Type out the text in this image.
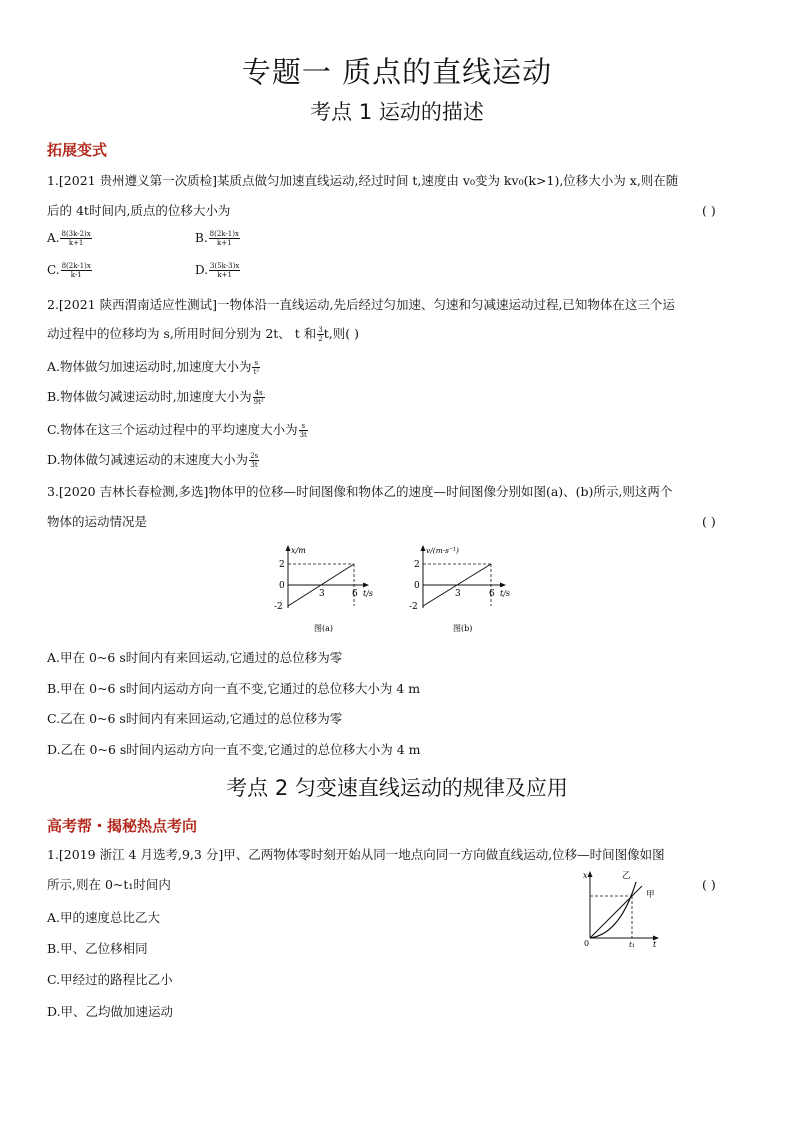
专题一 质点的直线运动
考点 1 运动的描述
拓展变式
1.[2021 贵州遵义第一次质检]某质点做匀加速直线运动,经过时间 t,速度由 v₀变为 kv₀(k>1),位移大小为 x,则在随
后的 4t时间内,质点的位移大小为	( )
A. $\frac{8(3k-2)x}{k+1}$	B. $\frac{8(2k-1)x}{k+1}$
C. $\frac{8(2k-1)x}{k-1}$	D. $\frac{3(5k-3)x}{k+1}$
2.[2021 陕西渭南适应性测试]一物体沿一直线运动,先后经过匀加速、匀速和匀减速运动过程,已知物体在这三个运
动过程中的位移均为 s,所用时间分别为 2t、 t 和 $\frac{3}{2} t$,则( )
A.物体做匀加速运动时,加速度大小为 $\frac{s}{\text{t²}}$
B.物体做匀减速运动时,加速度大小为 $\frac{4s}{\text{9t²}}$
C.物体在这三个运动过程中的平均速度大小为 $\frac{s}{3t}$
D.物体做匀减速运动的末速度大小为 $\frac{2s}{3t}$
3.[2020 吉林长春检测,多选]物体甲的位移—时间图像和物体乙的速度—时间图像分别如图(a)、(b)所示,则这两个
物体的运动情况是	( )
x/m
2
0
-2
3	6 t/s
图(a)
v/(m·s⁻¹)
2
0
-2
3	6 t/s
图(b)
A.甲在 0~6 s时间内有来回运动,它通过的总位移为零
B.甲在 0~6 s时间内运动方向一直不变,它通过的总位移大小为 4 m
C.乙在 0~6 s时间内有来回运动,它通过的总位移为零
D.乙在 0~6 s时间内运动方向一直不变,它通过的总位移大小为 4 m
考点 2 匀变速直线运动的规律及应用
高考帮・揭秘热点考向
1.[2019 浙江 4 月选考,9,3 分]甲、乙两物体零时刻开始从同一地点向同一方向做直线运动,位移—时间图像如图
所示,则在 0~t₁时间内	( )
x
0	t₁ t
乙
甲
A.甲的速度总比乙大
B.甲、乙位移相同
C.甲经过的路程比乙小
D.甲、乙均做加速运动
